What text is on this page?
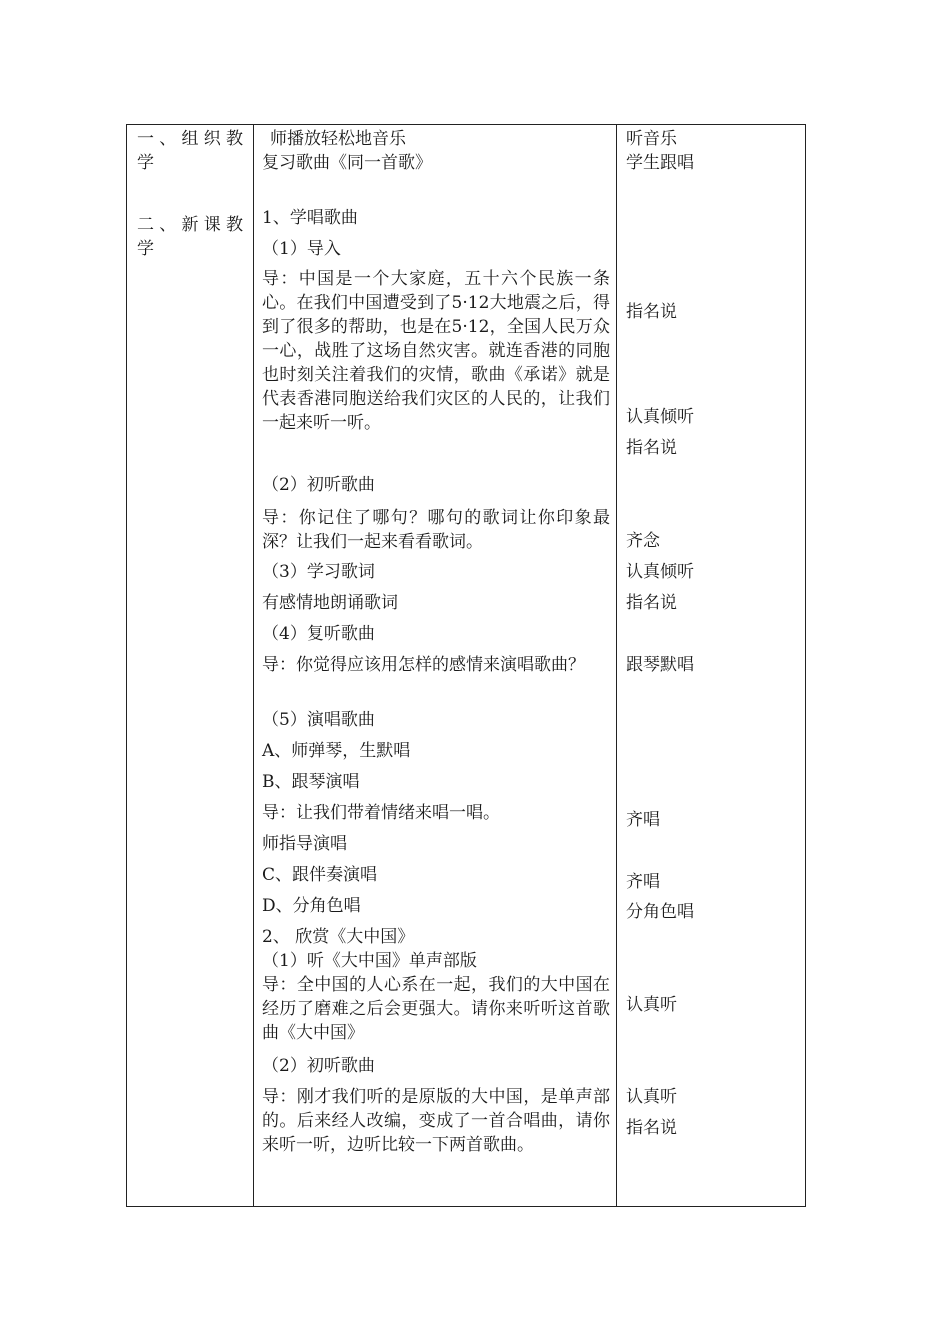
一、组织教

学

二、新课教

学

师播放轻松地音乐

复习歌曲《同一首歌》

1、学唱歌曲

（1）导入

导：中国是一个大家庭，五十六个民族一条心。在我们中国遭受到了5·12大地震之后，得到了很多的帮助，也是在5·12，全国人民万众一心，战胜了这场自然灾害。就连香港的同胞也时刻关注着我们的灾情，歌曲《承诺》就是代表香港同胞送给我们灾区的人民的，让我们一起来听一听。

（2）初听歌曲

导：你记住了哪句？哪句的歌词让你印象最深？让我们一起来看看歌词。

（3）学习歌词

有感情地朗诵歌词

（4）复听歌曲

导：你觉得应该用怎样的感情来演唱歌曲？

（5）演唱歌曲

A、师弹琴，生默唱

B、跟琴演唱

导：让我们带着情绪来唱一唱。

师指导演唱

C、跟伴奏演唱

D、分角色唱

2、 欣赏《大中国》

（1）听《大中国》单声部版

导：全中国的人心系在一起，我们的大中国在经历了磨难之后会更强大。请你来听听这首歌曲《大中国》

（2）初听歌曲

导：刚才我们听的是原版的大中国，是单声部的。后来经人改编，变成了一首合唱曲，请你来听一听，边听比较一下两首歌曲。

听音乐

学生跟唱

指名说

认真倾听

指名说

齐念

认真倾听

指名说

跟琴默唱

齐唱

齐唱

分角色唱

认真听

认真听

指名说
